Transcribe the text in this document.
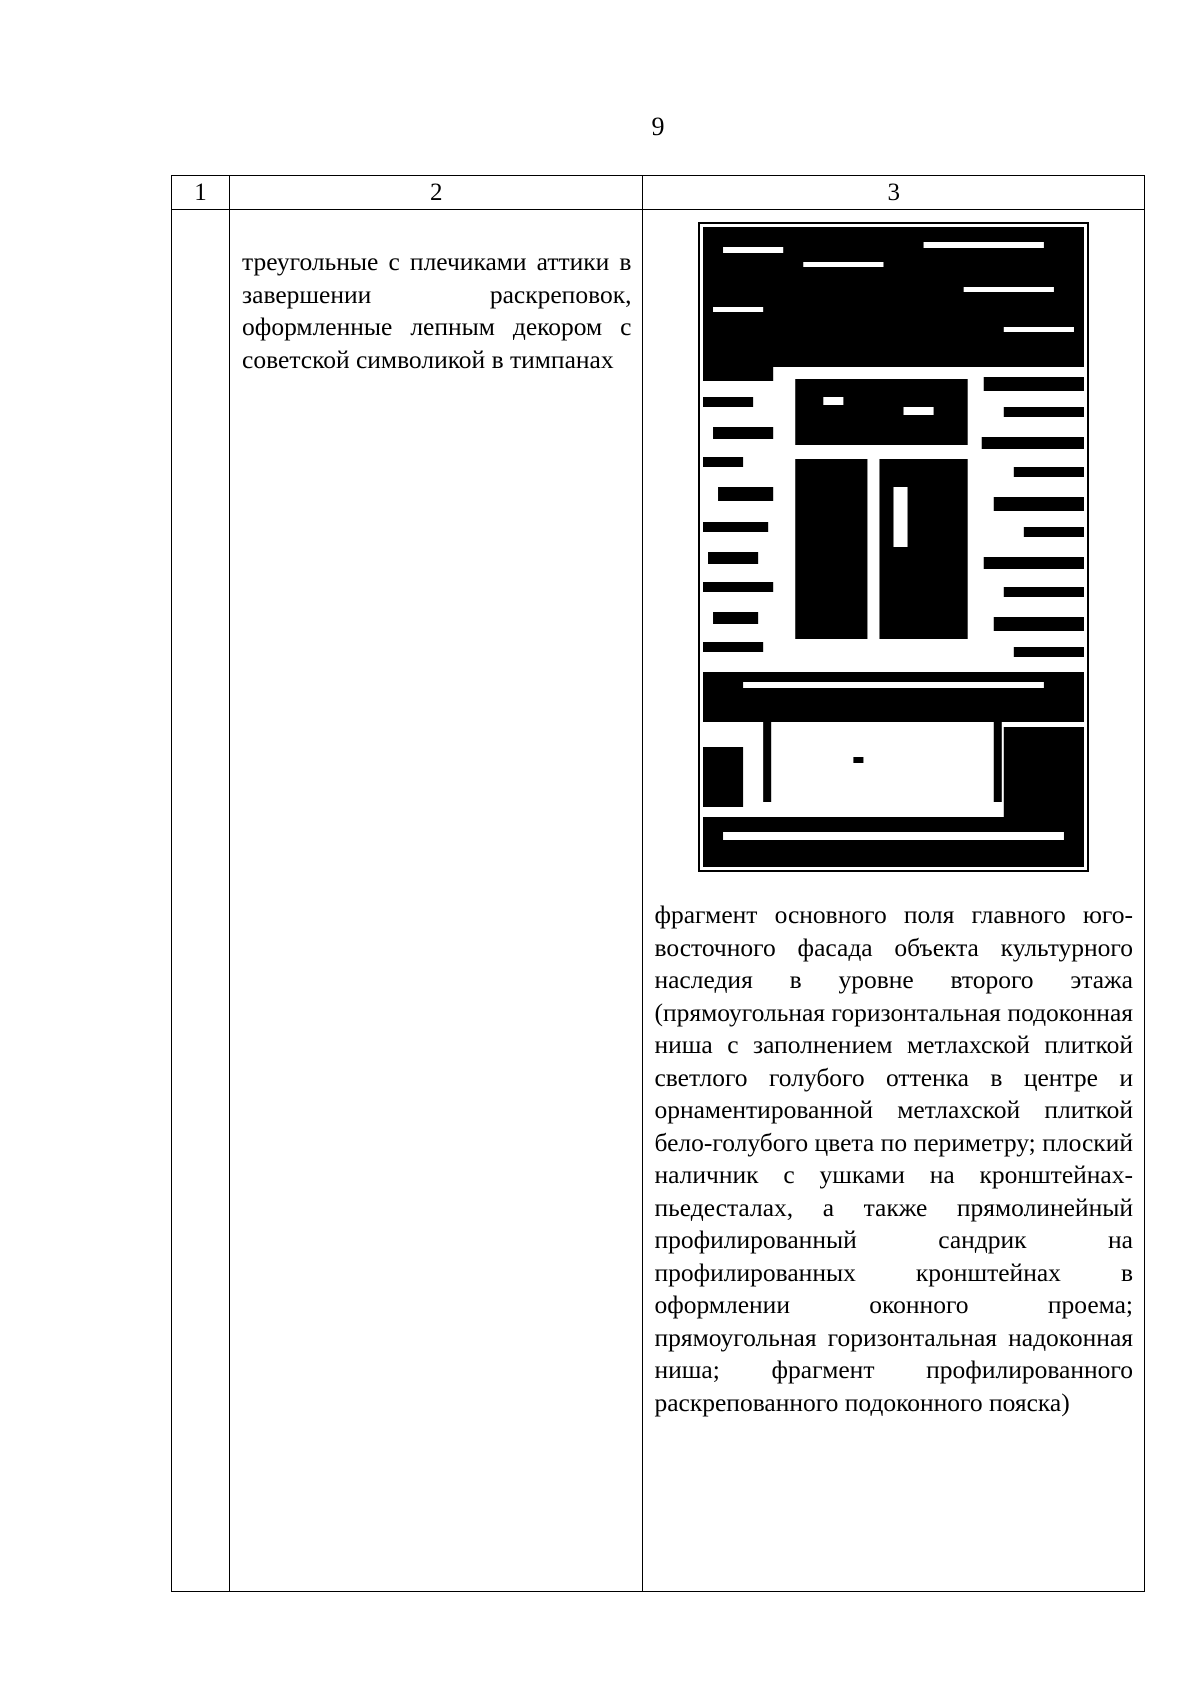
9
1	2	3

	треугольные с плечиками аттики в завершении раскреповок, оформленные лепным декором с советской символикой в тимпанах	фрагмент основного поля главного юго-восточного фасада объекта культурного наследия в уровне второго этажа (прямоугольная горизонтальная подоконная ниша с заполнением метлахской плиткой светлого голубого оттенка в центре и орнаментированной метлахской плиткой бело-голубого цвета по периметру; плоский наличник с ушками на кронштейнах-пьедесталах, а также прямолинейный профилированный сандрик на профилированных кронштейнах в оформлении оконного проема; прямоугольная горизонтальная надоконная ниша; фрагмент профилированного раскрепованного подоконного пояска)
